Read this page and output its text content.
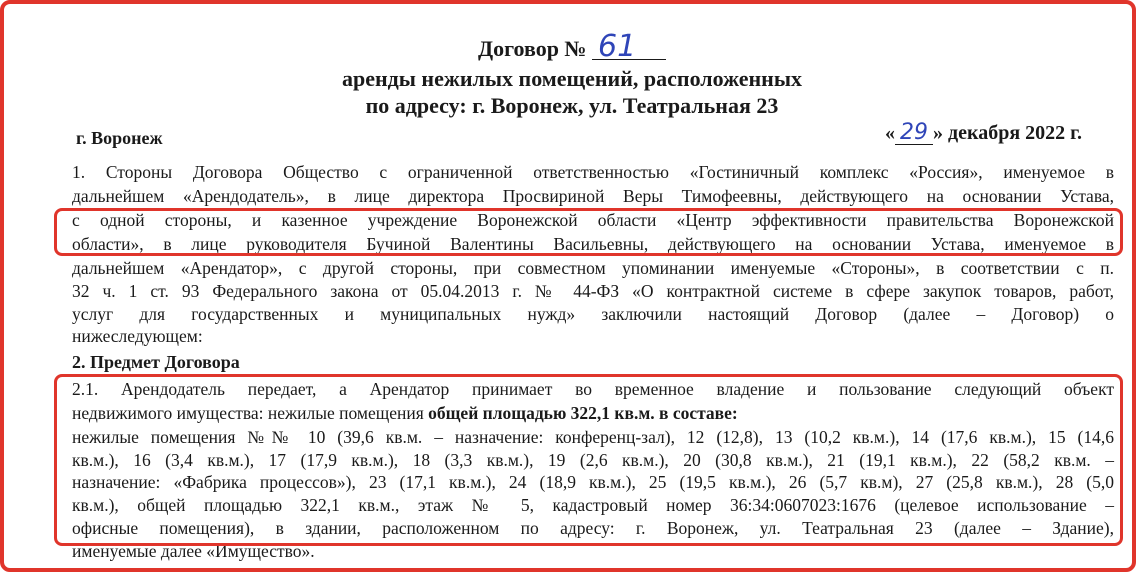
Договор № 61
аренды нежилых помещений, расположенных
по адресу: г. Воронеж, ул. Театральная 23
г. Воронеж	« 29 » декабря 2022 г.
1. Стороны Договора Общество с ограниченной ответственностью «Гостиничный комплекс «Россия», именуемое в
дальнейшем «Арендодатель», в лице директора Просвириной Веры Тимофеевны, действующего на основании Устава,
с одной стороны, и казенное учреждение Воронежской области «Центр эффективности правительства Воронежской
области», в лице руководителя Бучиной Валентины Васильевны, действующего на основании Устава, именуемое в
дальнейшем «Арендатор», с другой стороны, при совместном упоминании именуемые «Стороны», в соответствии с п.
32 ч. 1 ст. 93 Федерального закона от 05.04.2013 г. № 44-ФЗ «О контрактной системе в сфере закупок товаров, работ,
услуг для государственных и муниципальных нужд» заключили настоящий Договор (далее – Договор) о
нижеследующем:
2. Предмет Договора
2.1. Арендодатель передает, а Арендатор принимает во временное владение и пользование следующий объект
недвижимого имущества: нежилые помещения общей площадью 322,1 кв.м. в составе:
нежилые помещения №№ 10 (39,6 кв.м. – назначение: конференц-зал), 12 (12,8), 13 (10,2 кв.м.), 14 (17,6 кв.м.), 15 (14,6
кв.м.), 16 (3,4 кв.м.), 17 (17,9 кв.м.), 18 (3,3 кв.м.), 19 (2,6 кв.м.), 20 (30,8 кв.м.), 21 (19,1 кв.м.), 22 (58,2 кв.м. –
назначение: «Фабрика процессов»), 23 (17,1 кв.м.), 24 (18,9 кв.м.), 25 (19,5 кв.м.), 26 (5,7 кв.м), 27 (25,8 кв.м.), 28 (5,0
кв.м.), общей площадью 322,1 кв.м., этаж № 5, кадастровый номер 36:34:0607023:1676 (целевое использование –
офисные помещения), в здании, расположенном по адресу: г. Воронеж, ул. Театральная 23 (далее – Здание),
именуемые далее «Имущество».
